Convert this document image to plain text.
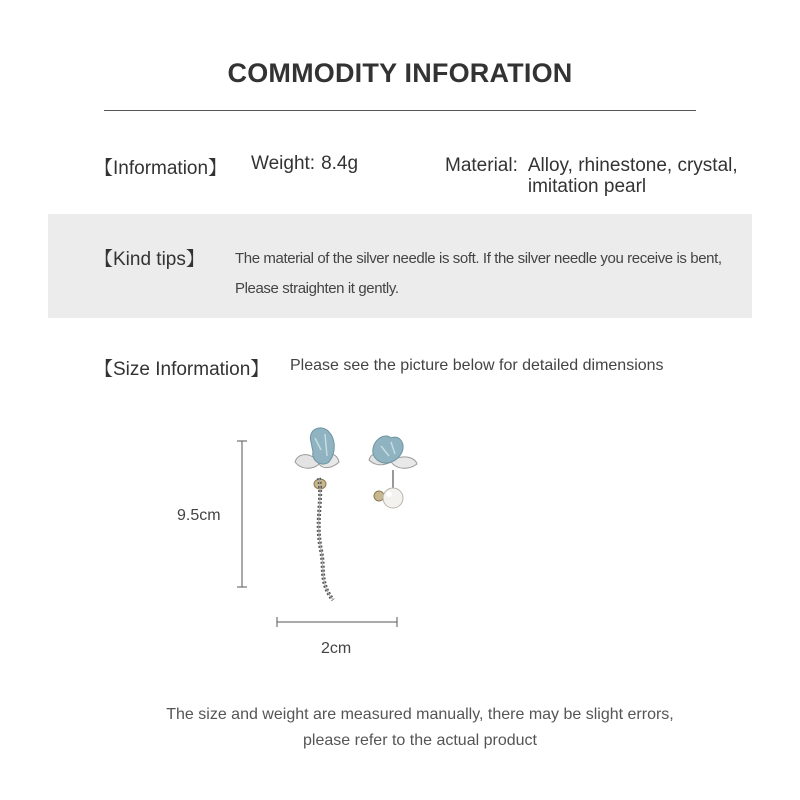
COMMODITY INFORATION
【Information】 Weight: 8.4g	Material: Alloy, rhinestone, crystal,
imitation pearl
【Kind tips】 The material of the silver needle is soft. If the silver needle you receive is bent,
Please straighten it gently.
【Size Information】 Please see the picture below for detailed dimensions
9.5cm
2cm
The size and weight are measured manually, there may be slight errors,
please refer to the actual product
